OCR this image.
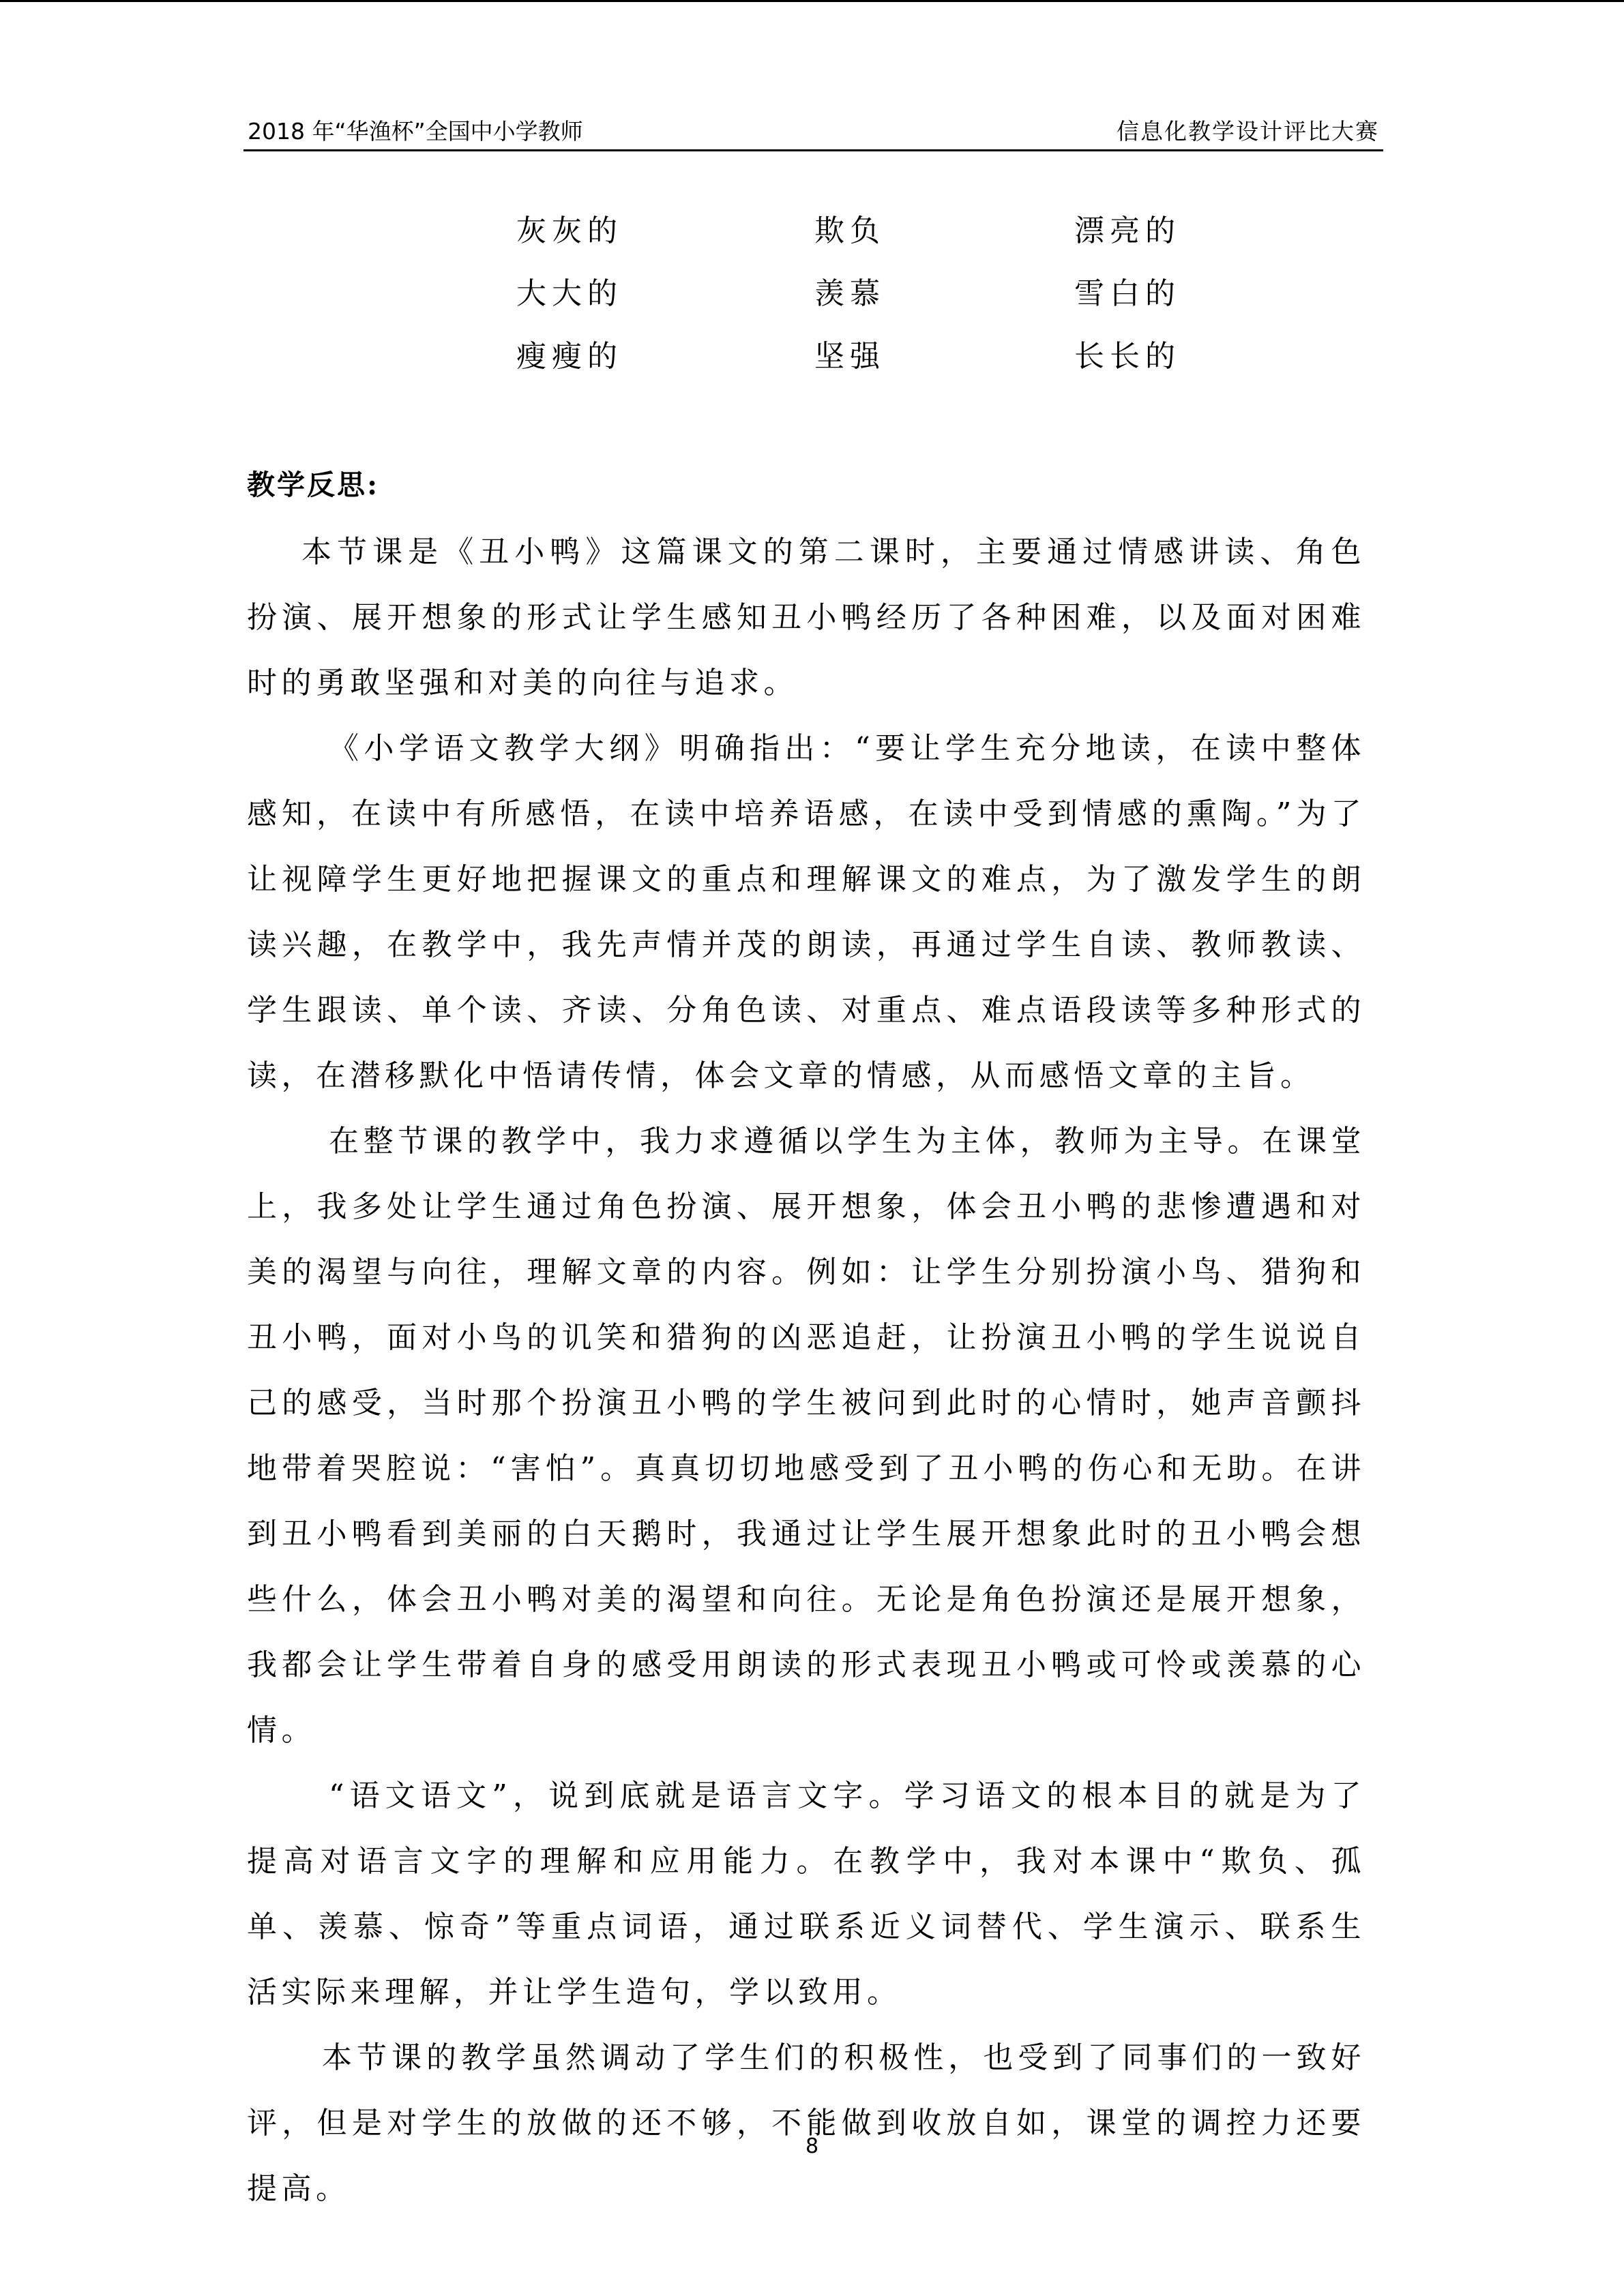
2018 年“华渔杯”全国中小学教师	信息化教学设计评比大赛
灰灰的	欺负	漂亮的
大大的	羡慕	雪白的
瘦瘦的	坚强	长长的
教学反思:

本节课是《丑小鸭》这篇课文的第二课时，主要通过情感讲读、角色扮演、展开想象的形式让学生感知丑小鸭经历了各种困难，以及面对困难时的勇敢坚强和对美的向往与追求。

《小学语文教学大纲》明确指出：“要让学生充分地读，在读中整体感知，在读中有所感悟，在读中培养语感，在读中受到情感的熏陶。”为了让视障学生更好地把握课文的重点和理解课文的难点，为了激发学生的朗读兴趣，在教学中，我先声情并茂的朗读，再通过学生自读、教师教读、学生跟读、单个读、齐读、分角色读、对重点、难点语段读等多种形式的读，在潜移默化中悟请传情，体会文章的情感，从而感悟文章的主旨。

在整节课的教学中，我力求遵循以学生为主体，教师为主导。在课堂上，我多处让学生通过角色扮演、展开想象，体会丑小鸭的悲惨遭遇和对美的渴望与向往，理解文章的内容。例如：让学生分别扮演小鸟、猎狗和丑小鸭，面对小鸟的讥笑和猎狗的凶恶追赶，让扮演丑小鸭的学生说说自己的感受，当时那个扮演丑小鸭的学生被问到此时的心情时，她声音颤抖地带着哭腔说：“害怕”。真真切切地感受到了丑小鸭的伤心和无助。在讲到丑小鸭看到美丽的白天鹅时，我通过让学生展开想象此时的丑小鸭会想些什么，体会丑小鸭对美的渴望和向往。无论是角色扮演还是展开想象，我都会让学生带着自身的感受用朗读的形式表现丑小鸭或可怜或羡慕的心情。

“语文语文”，说到底就是语言文字。学习语文的根本目的就是为了提高对语言文字的理解和应用能力。在教学中，我对本课中“欺负、孤单、羡慕、惊奇”等重点词语，通过联系近义词替代、学生演示、联系生活实际来理解，并让学生造句，学以致用。

本节课的教学虽然调动了学生们的积极性，也受到了同事们的一致好评，但是对学生的放做的还不够，不能做到收放自如，课堂的调控力还要提高。

8
